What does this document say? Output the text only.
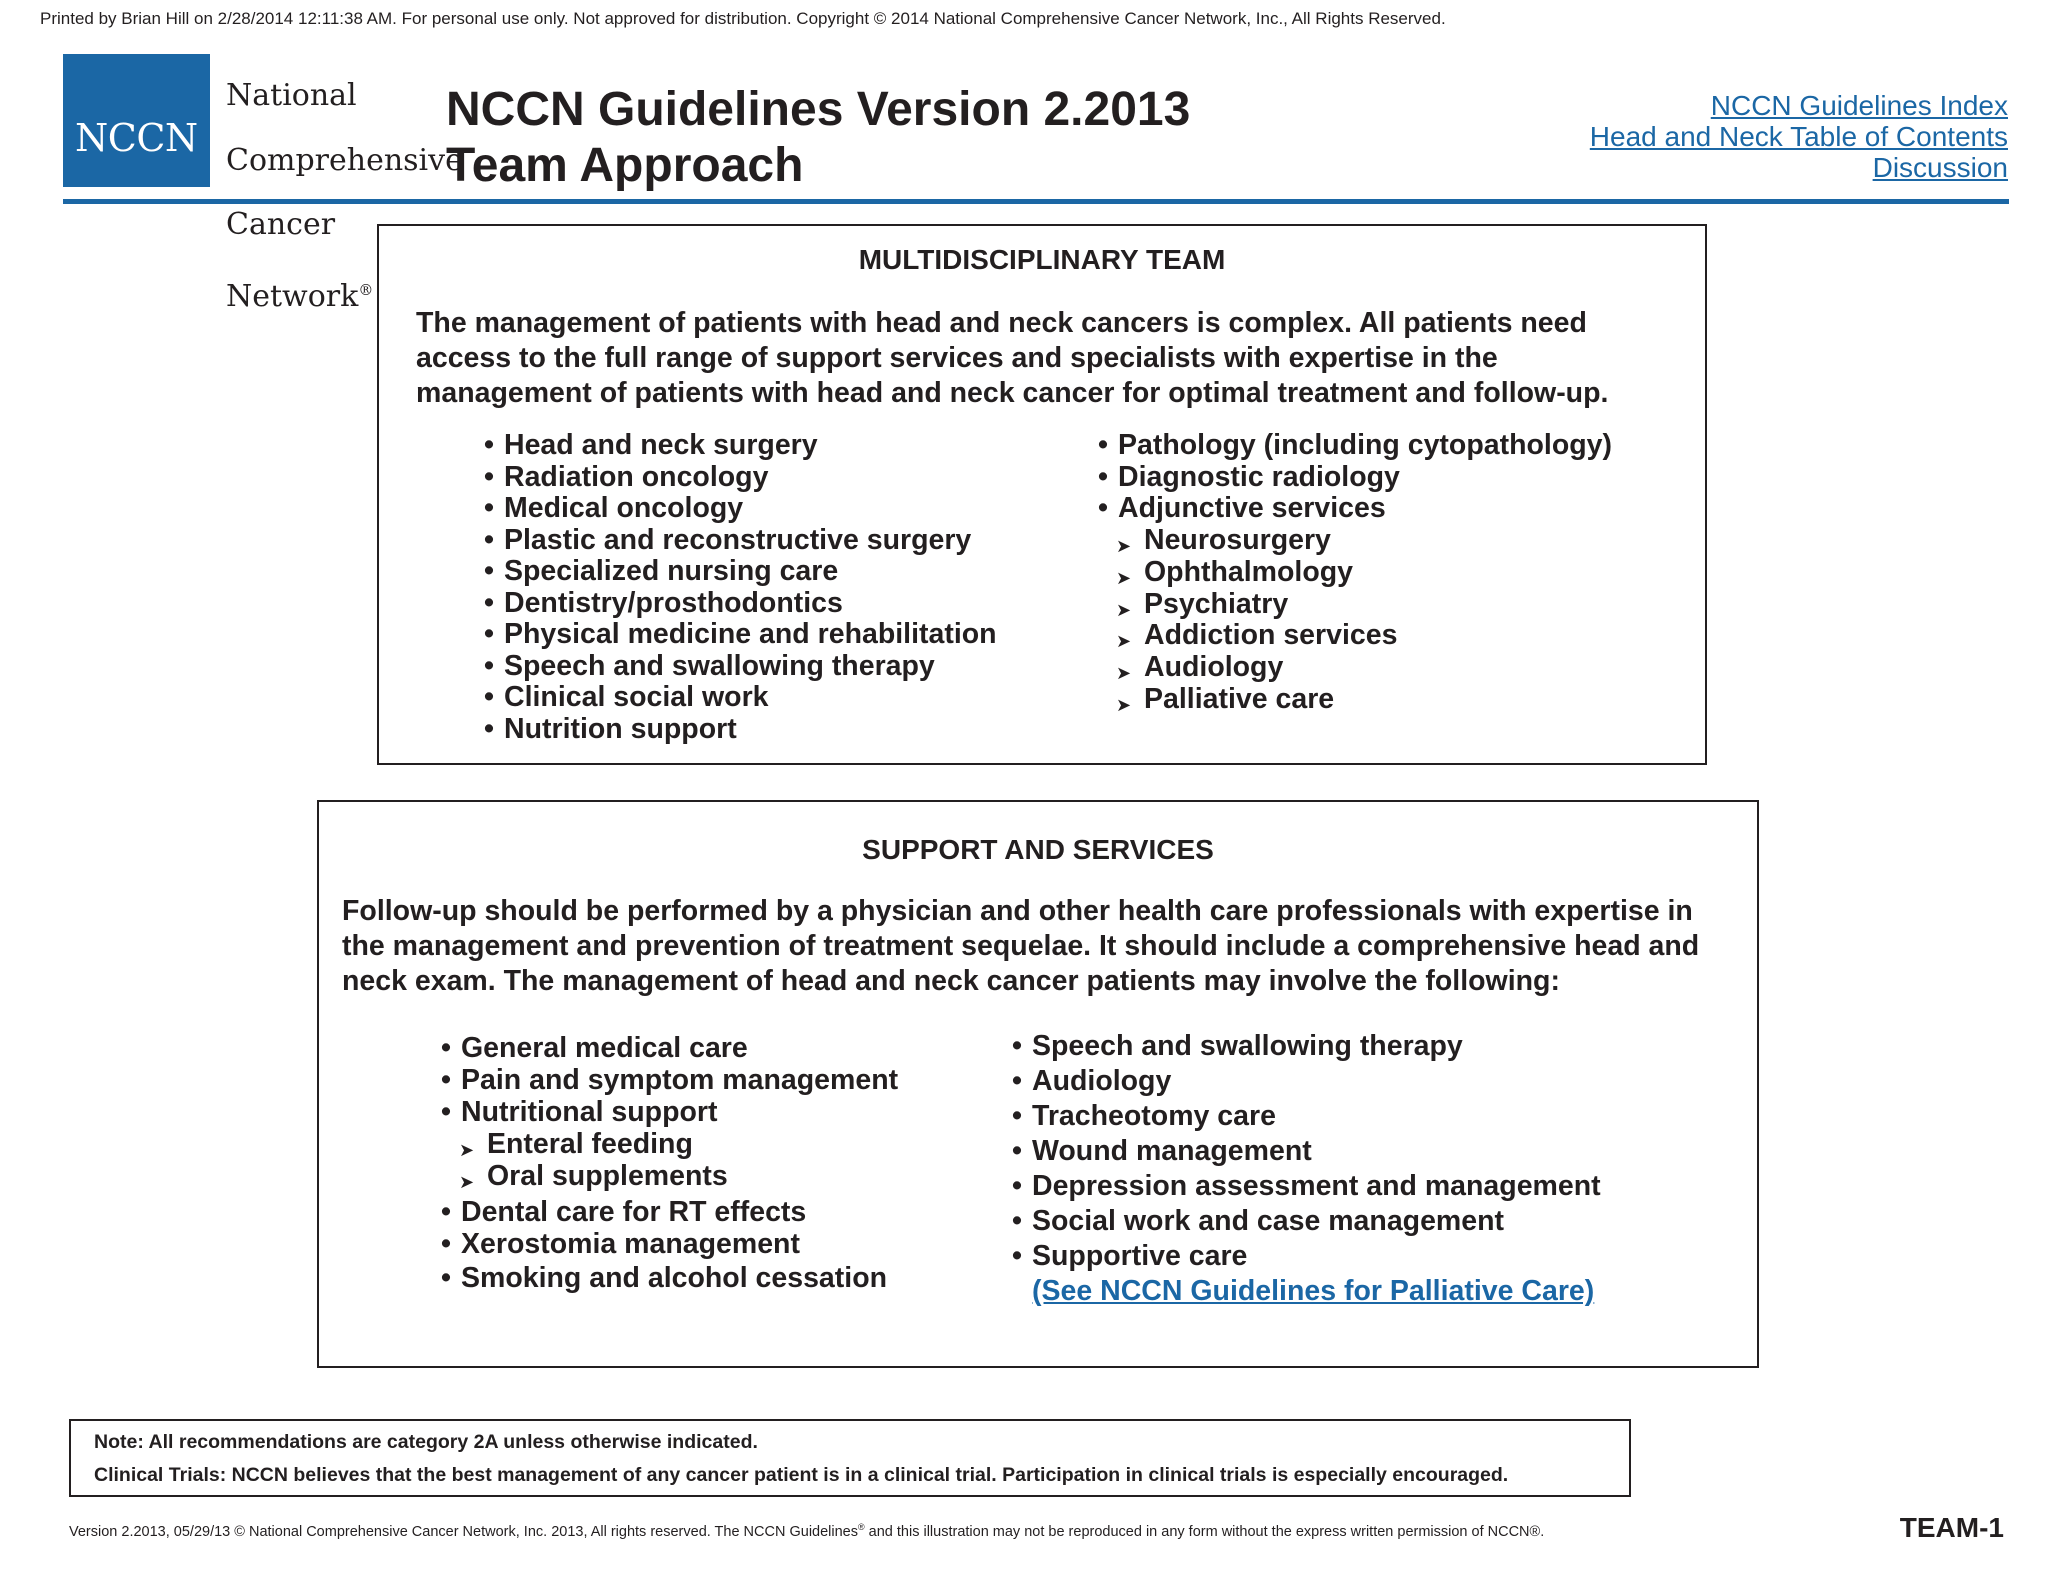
Printed by Brian Hill on 2/28/2014 12:11:38 AM. For personal use only. Not approved for distribution. Copyright © 2014 National Comprehensive Cancer Network, Inc., All Rights Reserved.
NCCN

National

Comprehensive

Cancer

Network®

NCCN Guidelines Version 2.2013
Team Approach
NCCN Guidelines Index
Head and Neck Table of Contents
Discussion
MULTIDISCIPLINARY TEAM
The management of patients with head and neck cancers is complex. All patients need
access to the full range of support services and specialists with expertise in the
management of patients with head and neck cancer for optimal treatment and follow-up.
• Head and neck surgery
• Radiation oncology
• Medical oncology
• Plastic and reconstructive surgery
• Specialized nursing care
• Dentistry/prosthodontics
• Physical medicine and rehabilitation
• Speech and swallowing therapy
• Clinical social work
• Nutrition support
• Pathology (including cytopathology)
• Diagnostic radiology
• Adjunctive services
➤ Neurosurgery
➤ Ophthalmology
➤ Psychiatry
➤ Addiction services
➤ Audiology
➤ Palliative care
SUPPORT AND SERVICES
Follow-up should be performed by a physician and other health care professionals with expertise in
the management and prevention of treatment sequelae. It should include a comprehensive head and
neck exam. The management of head and neck cancer patients may involve the following:
• General medical care
• Pain and symptom management
• Nutritional support
➤ Enteral feeding
➤ Oral supplements
• Dental care for RT effects
• Xerostomia management
• Smoking and alcohol cessation
• Speech and swallowing therapy
• Audiology
• Tracheotomy care
• Wound management
• Depression assessment and management
• Social work and case management
• Supportive care
(See NCCN Guidelines for Palliative Care)
Note: All recommendations are category 2A unless otherwise indicated.
Clinical Trials: NCCN believes that the best management of any cancer patient is in a clinical trial. Participation in clinical trials is especially encouraged.
Version 2.2013, 05/29/13 © National Comprehensive Cancer Network, Inc. 2013, All rights reserved. The NCCN Guidelines® and this illustration may not be reproduced in any form without the express written permission of NCCN®.	TEAM-1
